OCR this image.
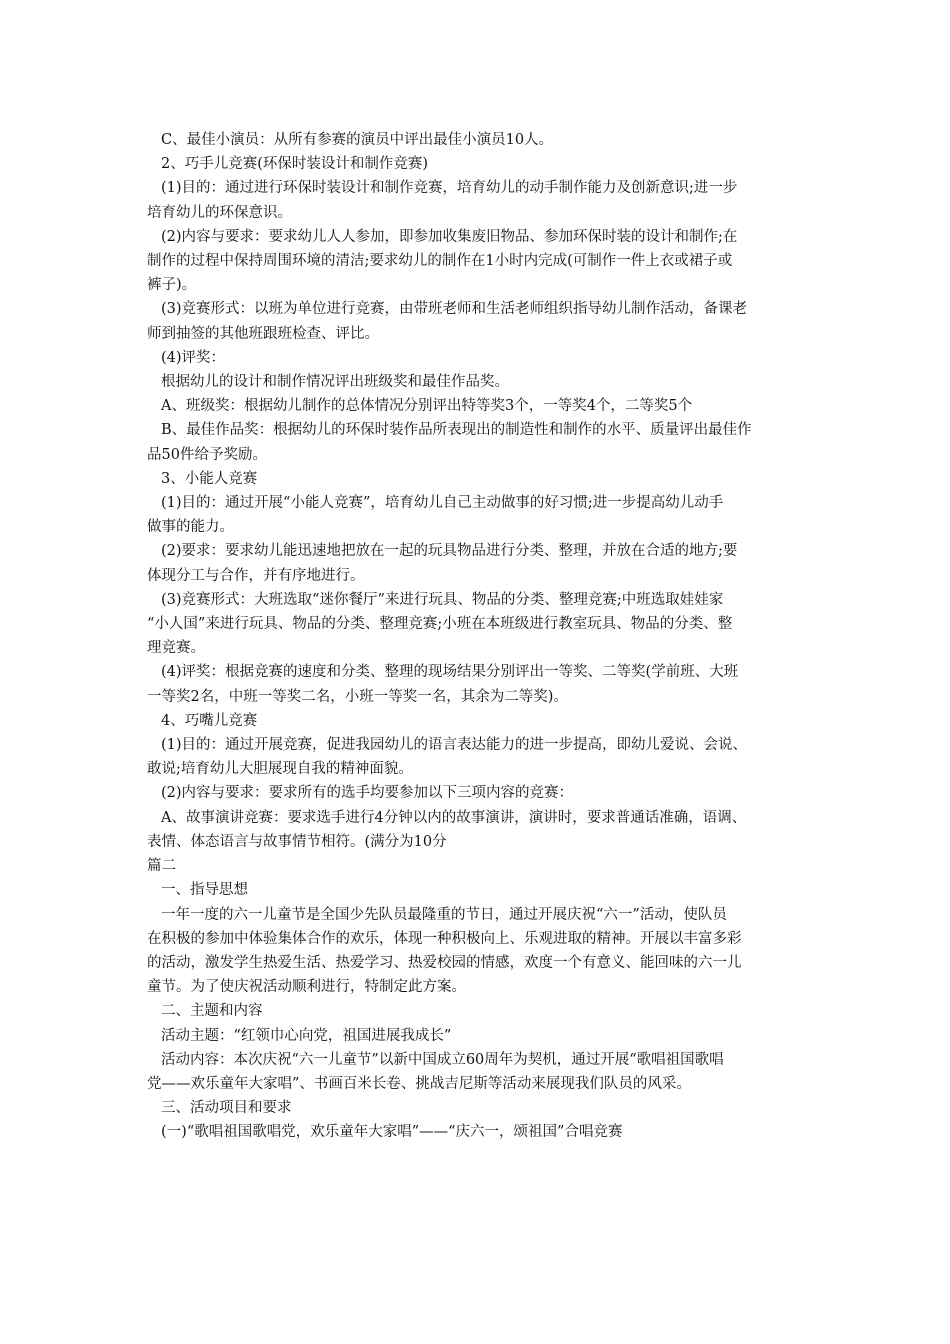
C、最佳小演员：从所有参赛的演员中评出最佳小演员10人。
2、巧手儿竞赛(环保时装设计和制作竞赛)
(1)目的：通过进行环保时装设计和制作竞赛，培育幼儿的动手制作能力及创新意识;进一步
培育幼儿的环保意识。
(2)内容与要求：要求幼儿人人参加，即参加收集废旧物品、参加环保时装的设计和制作;在
制作的过程中保持周围环境的清洁;要求幼儿的制作在1小时内完成(可制作一件上衣或裙子或
裤子)。
(3)竞赛形式：以班为单位进行竞赛，由带班老师和生活老师组织指导幼儿制作活动，备课老
师到抽签的其他班跟班检查、评比。
(4)评奖：
根据幼儿的设计和制作情况评出班级奖和最佳作品奖。
A、班级奖：根据幼儿制作的总体情况分别评出特等奖3个，一等奖4个，二等奖5个
B、最佳作品奖：根据幼儿的环保时装作品所表现出的制造性和制作的水平、质量评出最佳作
品50件给予奖励。
3、小能人竞赛
(1)目的：通过开展“小能人竞赛”，培育幼儿自己主动做事的好习惯;进一步提高幼儿动手
做事的能力。
(2)要求：要求幼儿能迅速地把放在一起的玩具物品进行分类、整理，并放在合适的地方;要
体现分工与合作，并有序地进行。
(3)竞赛形式：大班选取“迷你餐厅”来进行玩具、物品的分类、整理竞赛;中班选取娃娃家
“小人国”来进行玩具、物品的分类、整理竞赛;小班在本班级进行教室玩具、物品的分类、整
理竞赛。
(4)评奖：根据竞赛的速度和分类、整理的现场结果分别评出一等奖、二等奖(学前班、大班
一等奖2名，中班一等奖二名，小班一等奖一名，其余为二等奖)。
4、巧嘴儿竞赛
(1)目的：通过开展竞赛，促进我园幼儿的语言表达能力的进一步提高，即幼儿爱说、会说、
敢说;培育幼儿大胆展现自我的精神面貌。
(2)内容与要求：要求所有的选手均要参加以下三项内容的竞赛：
A、故事演讲竞赛：要求选手进行4分钟以内的故事演讲，演讲时，要求普通话准确，语调、
表情、体态语言与故事情节相符。(满分为10分
篇二
一、指导思想
一年一度的六一儿童节是全国少先队员最隆重的节日，通过开展庆祝“六一”活动，使队员
在积极的参加中体验集体合作的欢乐，体现一种积极向上、乐观进取的精神。开展以丰富多彩
的活动，激发学生热爱生活、热爱学习、热爱校园的情感，欢度一个有意义、能回味的六一儿
童节。为了使庆祝活动顺利进行，特制定此方案。
二、主题和内容
活动主题：“红领巾心向党，祖国进展我成长”
活动内容：本次庆祝“六一儿童节”以新中国成立60周年为契机，通过开展“歌唱祖国歌唱
党——欢乐童年大家唱”、书画百米长卷、挑战吉尼斯等活动来展现我们队员的风采。
三、活动项目和要求
(一)“歌唱祖国歌唱党，欢乐童年大家唱”——“庆六一，颂祖国”合唱竞赛
